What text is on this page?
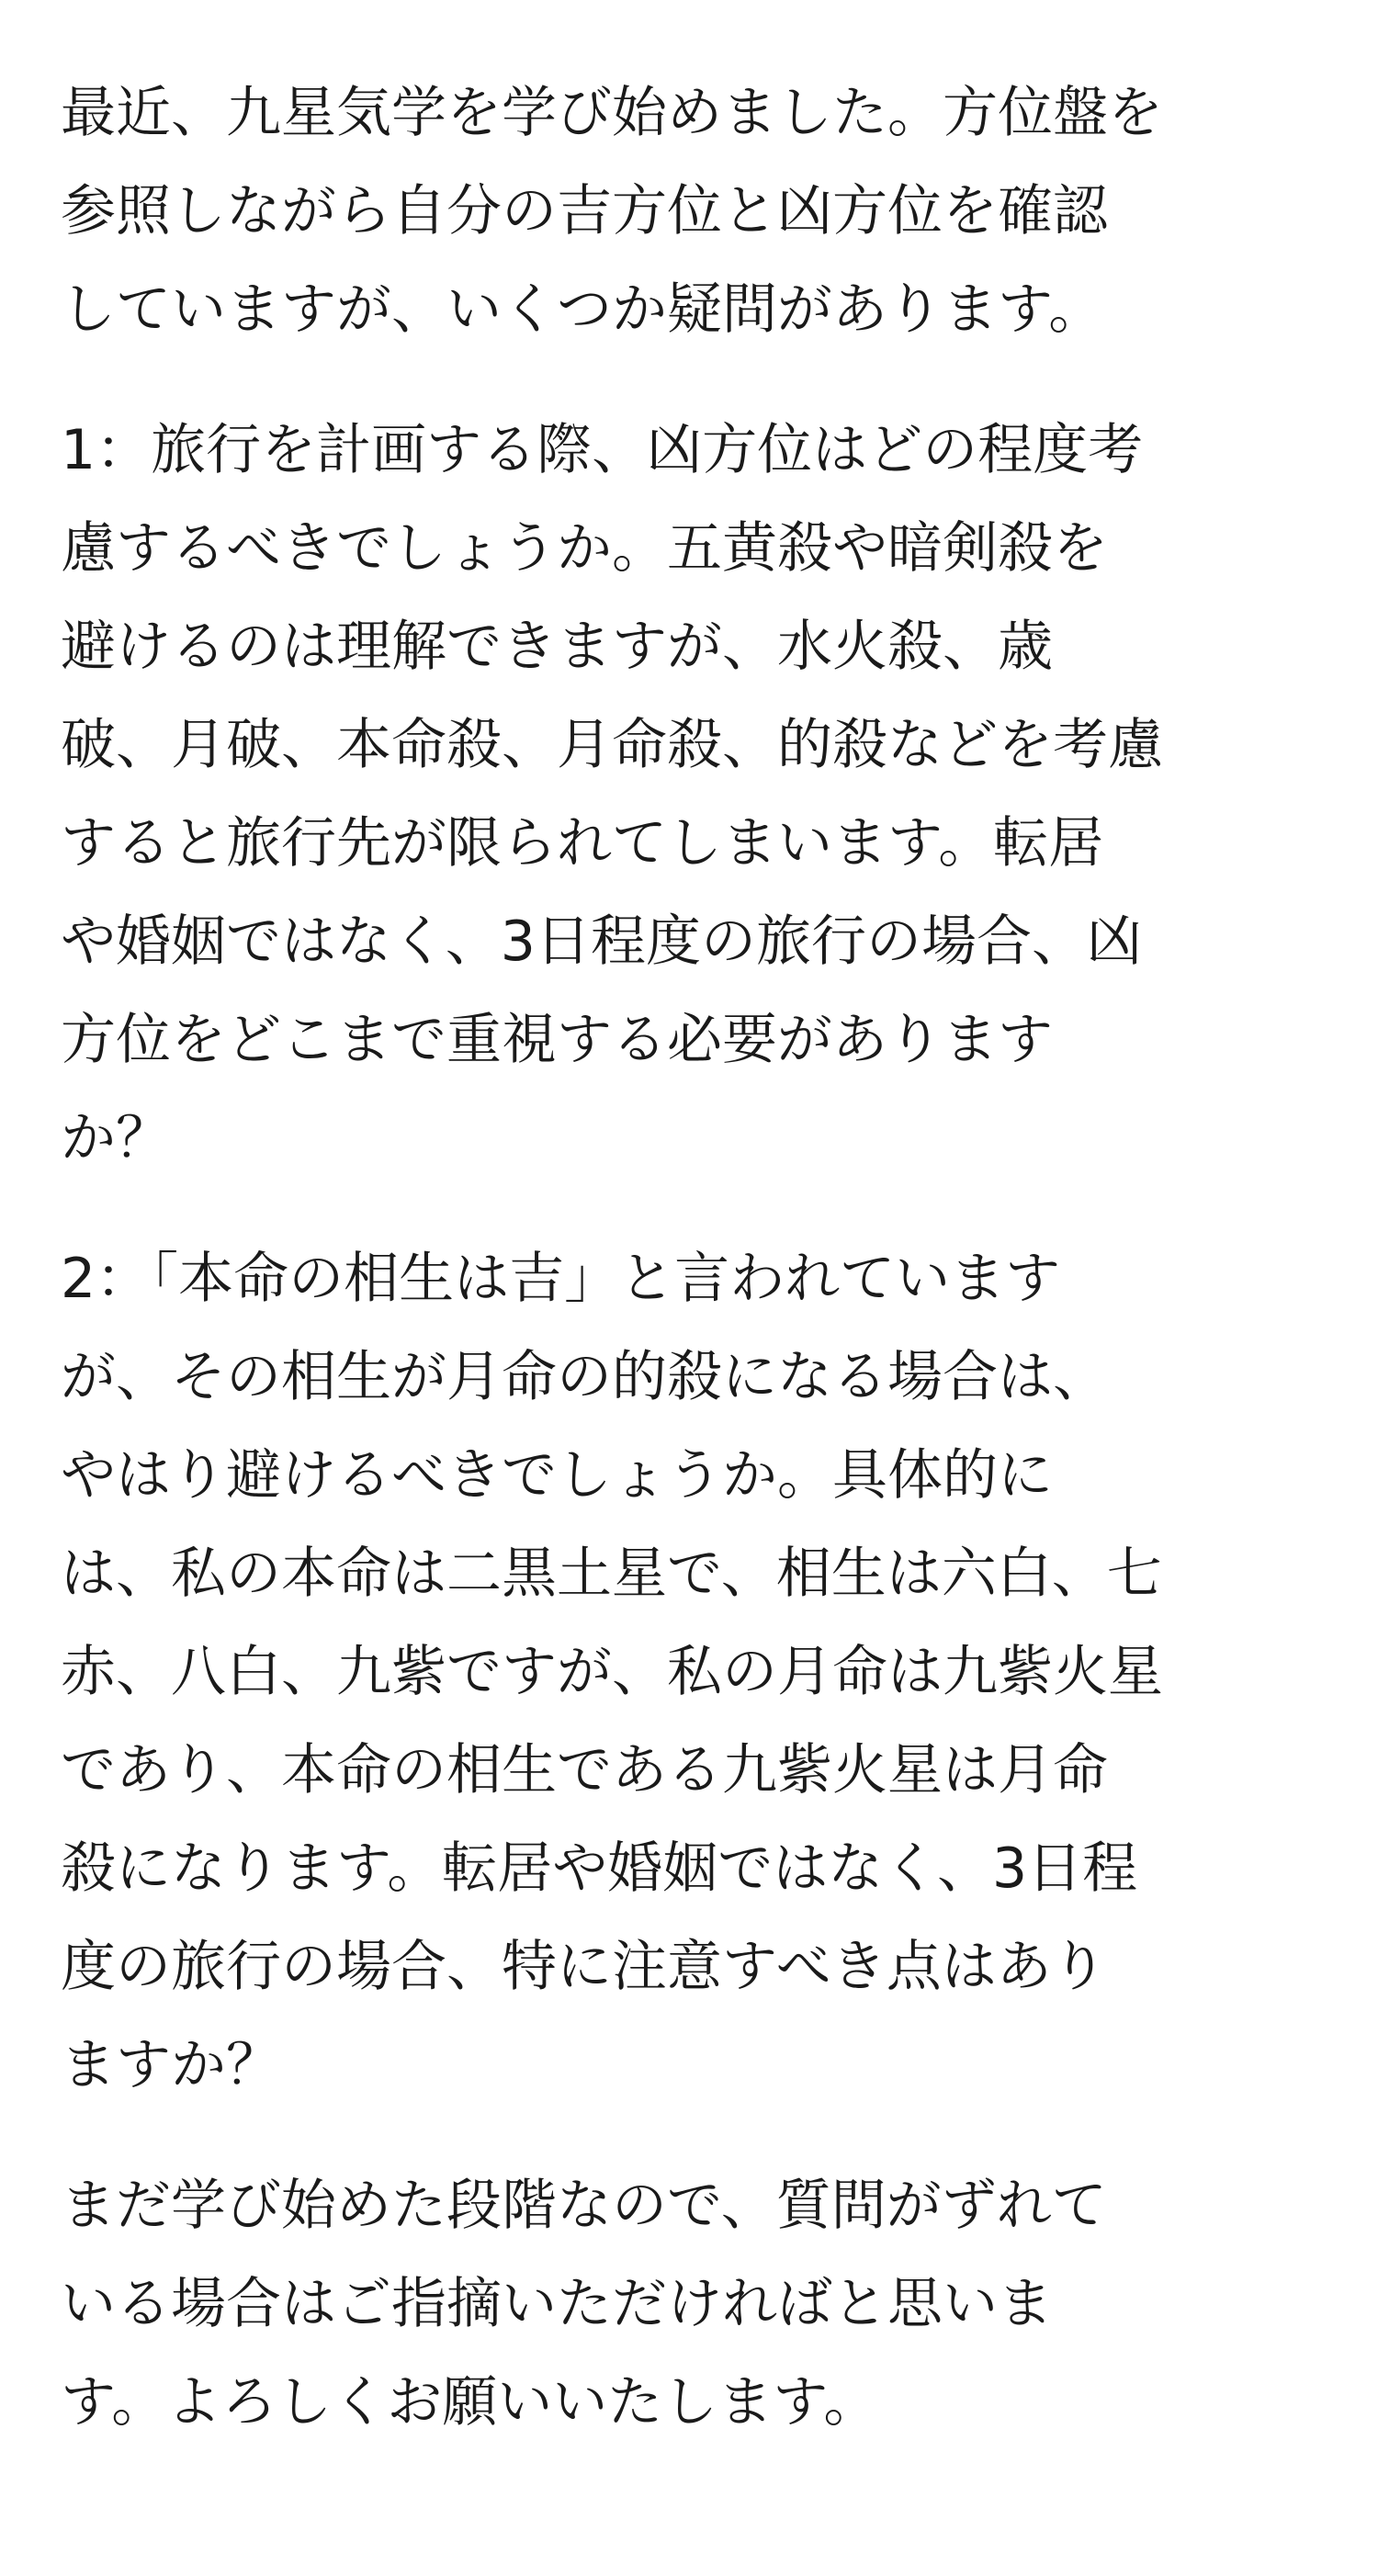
最近、九星気学を学び始めました。方位盤を
参照しながら自分の吉方位と凶方位を確認
していますが、いくつか疑問があります。

1：旅行を計画する際、凶方位はどの程度考
慮するべきでしょうか。五黄殺や暗剣殺を
避けるのは理解できますが、水火殺、歳
破、月破、本命殺、月命殺、的殺などを考慮
すると旅行先が限られてしまいます。転居
や婚姻ではなく、3日程度の旅行の場合、凶
方位をどこまで重視する必要があります
か？

2：「本命の相生は吉」と言われています
が、その相生が月命の的殺になる場合は、
やはり避けるべきでしょうか。具体的に
は、私の本命は二黒土星で、相生は六白、七
赤、八白、九紫ですが、私の月命は九紫火星
であり、本命の相生である九紫火星は月命
殺になります。転居や婚姻ではなく、3日程
度の旅行の場合、特に注意すべき点はあり
ますか？

まだ学び始めた段階なので、質問がずれて
いる場合はご指摘いただければと思いま
す。よろしくお願いいたします。
